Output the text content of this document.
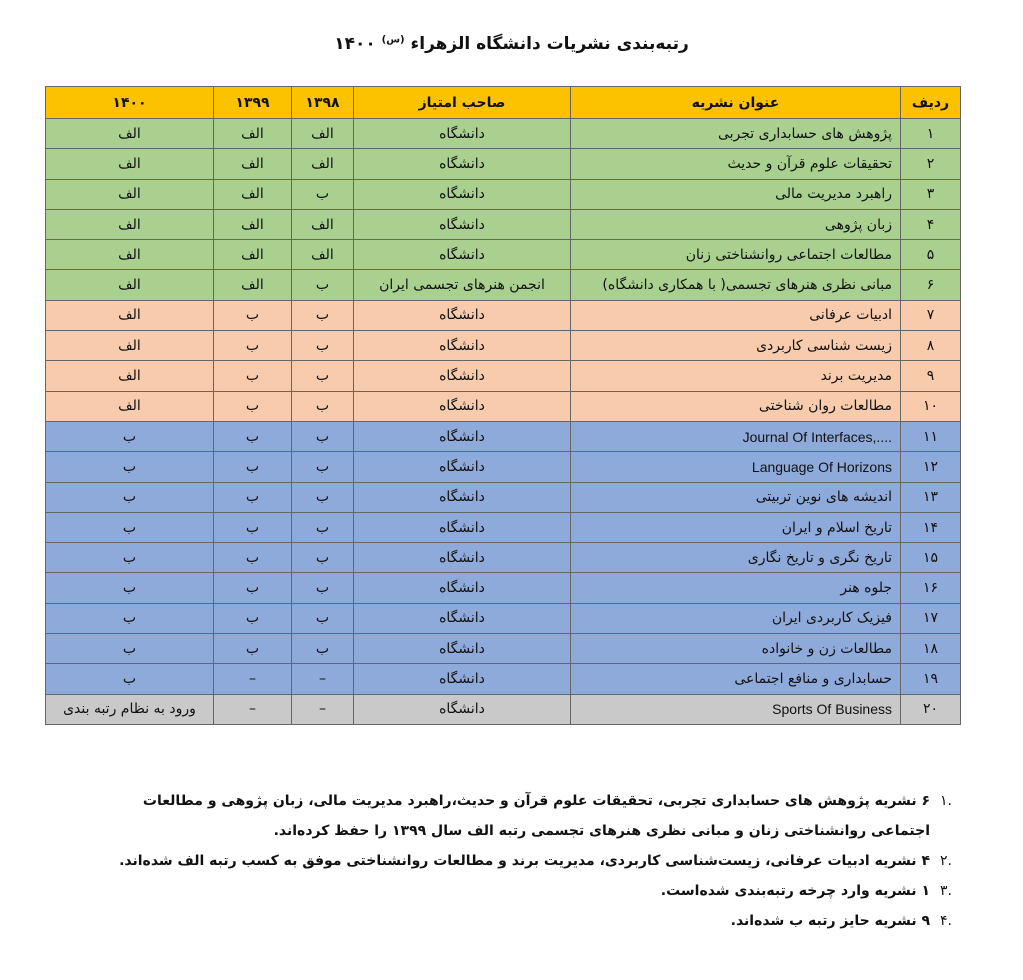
رتبه‌بندی نشریات دانشگاه الزهراء $^{(س)}$ ۱۴۰۰
ردیف	عنوان نشریه	صاحب امتیاز	۱۳۹۸	۱۳۹۹	۱۴۰۰
۱	پژوهش های حسابداری تجربی	دانشگاه	الف	الف	الف
۲	تحقیقات علوم قرآن و حدیث	دانشگاه	الف	الف	الف
۳	راهبرد مدیریت مالی	دانشگاه	ب	الف	الف
۴	زبان پژوهی	دانشگاه	الف	الف	الف
۵	مطالعات اجتماعی روانشناختی زنان	دانشگاه	الف	الف	الف
۶	مبانی نظری هنرهای تجسمی( با همکاری دانشگاه)	انجمن هنرهای تجسمی ایران	ب	الف	الف
۷	ادبیات عرفانی	دانشگاه	ب	ب	الف
۸	زیست شناسی کاربردی	دانشگاه	ب	ب	الف
۹	مدیریت برند	دانشگاه	ب	ب	الف
۱۰	مطالعات روان شناختی	دانشگاه	ب	ب	الف
۱۱	Journal Of Interfaces,....	دانشگاه	ب	ب	ب
۱۲	Language Of Horizons	دانشگاه	ب	ب	ب
۱۳	اندیشه های نوین تربیتی	دانشگاه	ب	ب	ب
۱۴	تاریخ اسلام و ایران	دانشگاه	ب	ب	ب
۱۵	تاریخ نگری و تاریخ نگاری	دانشگاه	ب	ب	ب
۱۶	جلوه هنر	دانشگاه	ب	ب	ب
۱۷	فیزیک کاربردی ایران	دانشگاه	ب	ب	ب
۱۸	مطالعات زن و خانواده	دانشگاه	ب	ب	ب
۱۹	حسابداری و منافع اجتماعی	دانشگاه	–	–	ب
۲۰	Sports Of Business	دانشگاه	–	–	ورود به نظام رتبه بندی
.۱
۶ نشریه پژوهش های حسابداری تجربی، تحقیقات علوم قرآن و حدیث،راهبرد مدیریت مالی، زبان پژوهی و مطالعات اجتماعی روانشناختی زنان و مبانی نظری هنرهای تجسمی رتبه الف سال ۱۳۹۹ را حفظ کرده‌اند.
.۲
۴ نشریه ادبیات عرفانی، زیست‌شناسی کاربردی، مدیریت برند و مطالعات روانشناختی موفق به کسب رتبه الف شده‌اند.
.۳
۱ نشریه وارد چرخه رتبه‌بندی شده‌است.
.۴
۹ نشریه حایز رتبه ب شده‌اند.
